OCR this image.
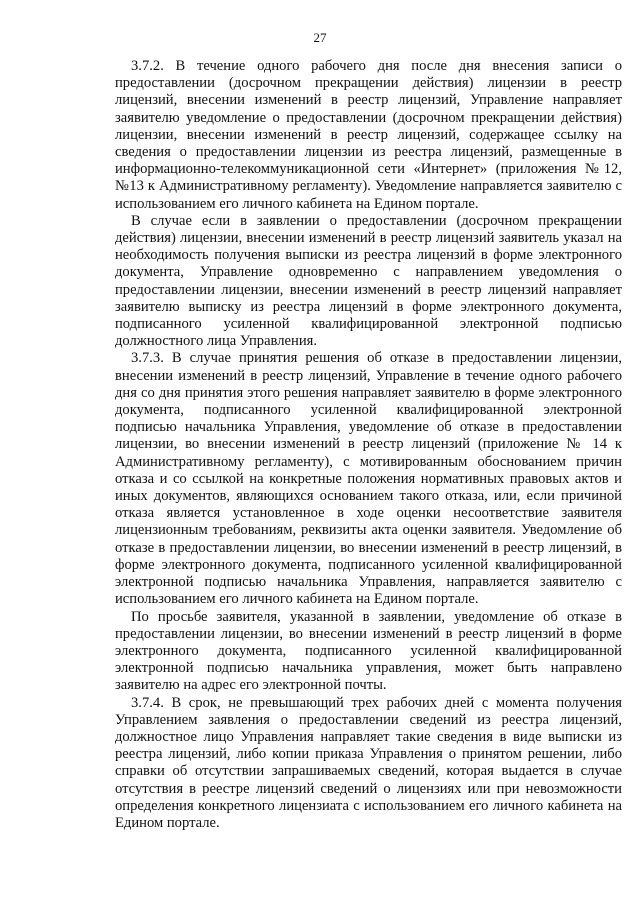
27

3.7.2. В течение одного рабочего дня после дня внесения записи о предоставлении (досрочном прекращении действия) лицензии в реестр лицензий, внесении изменений в реестр лицензий, Управление направляет заявителю уведомление о предоставлении (досрочном прекращении действия) лицензии, внесении изменений в реестр лицензий, содержащее ссылку на сведения о предоставлении лицензии из реестра лицензий, размещенные в информационно-телекоммуникационной сети «Интернет» (приложения №12, №13 к Административному регламенту). Уведомление направляется заявителю с использованием его личного кабинета на Едином портале.

В случае если в заявлении о предоставлении (досрочном прекращении действия) лицензии, внесении изменений в реестр лицензий заявитель указал на необходимость получения выписки из реестра лицензий в форме электронного документа, Управление одновременно с направлением уведомления о предоставлении лицензии, внесении изменений в реестр лицензий направляет заявителю выписку из реестра лицензий в форме электронного документа, подписанного усиленной квалифицированной электронной подписью должностного лица Управления.

3.7.3. В случае принятия решения об отказе в предоставлении лицензии, внесении изменений в реестр лицензий, Управление в течение одного рабочего дня со дня принятия этого решения направляет заявителю в форме электронного документа, подписанного усиленной квалифицированной электронной подписью начальника Управления, уведомление об отказе в предоставлении лицензии, во внесении изменений в реестр лицензий (приложение № 14 к Административному регламенту), с мотивированным обоснованием причин отказа и со ссылкой на конкретные положения нормативных правовых актов и иных документов, являющихся основанием такого отказа, или, если причиной отказа является установленное в ходе оценки несоответствие заявителя лицензионным требованиям, реквизиты акта оценки заявителя. Уведомление об отказе в предоставлении лицензии, во внесении изменений в реестр лицензий, в форме электронного документа, подписанного усиленной квалифицированной электронной подписью начальника Управления, направляется заявителю с использованием его личного кабинета на Едином портале.

По просьбе заявителя, указанной в заявлении, уведомление об отказе в предоставлении лицензии, во внесении изменений в реестр лицензий в форме электронного документа, подписанного усиленной квалифицированной электронной подписью начальника управления, может быть направлено заявителю на адрес его электронной почты.

3.7.4. В срок, не превышающий трех рабочих дней с момента получения Управлением заявления о предоставлении сведений из реестра лицензий, должностное лицо Управления направляет такие сведения в виде выписки из реестра лицензий, либо копии приказа Управления о принятом решении, либо справки об отсутствии запрашиваемых сведений, которая выдается в случае отсутствия в реестре лицензий сведений о лицензиях или при невозможности определения конкретного лицензиата с использованием его личного кабинета на Едином портале.
